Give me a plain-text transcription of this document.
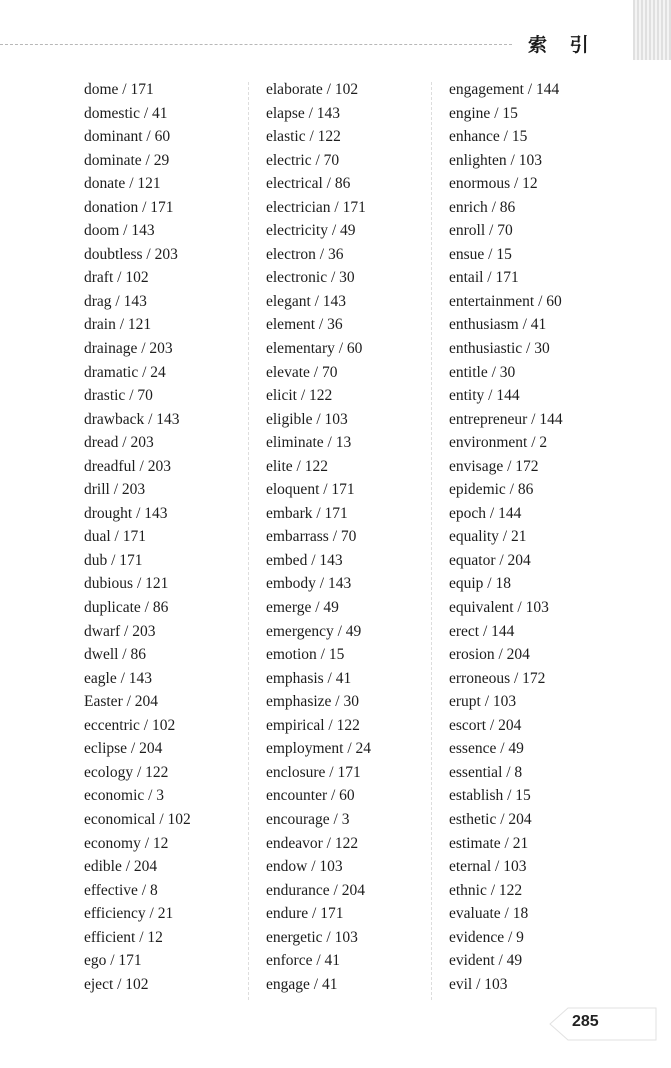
索 引
dome / 171
domestic / 41
dominant / 60
dominate / 29
donate / 121
donation / 171
doom / 143
doubtless / 203
draft / 102
drag / 143
drain / 121
drainage / 203
dramatic / 24
drastic / 70
drawback / 143
dread / 203
dreadful / 203
drill / 203
drought / 143
dual / 171
dub / 171
dubious / 121
duplicate / 86
dwarf / 203
dwell / 86
eagle / 143
Easter / 204
eccentric / 102
eclipse / 204
ecology / 122
economic / 3
economical / 102
economy / 12
edible / 204
effective / 8
efficiency / 21
efficient / 12
ego / 171
eject / 102
elaborate / 102
elapse / 143
elastic / 122
electric / 70
electrical / 86
electrician / 171
electricity / 49
electron / 36
electronic / 30
elegant / 143
element / 36
elementary / 60
elevate / 70
elicit / 122
eligible / 103
eliminate / 13
elite / 122
eloquent / 171
embark / 171
embarrass / 70
embed / 143
embody / 143
emerge / 49
emergency / 49
emotion / 15
emphasis / 41
emphasize / 30
empirical / 122
employment / 24
enclosure / 171
encounter / 60
encourage / 3
endeavor / 122
endow / 103
endurance / 204
endure / 171
energetic / 103
enforce / 41
engage / 41
engagement / 144
engine / 15
enhance / 15
enlighten / 103
enormous / 12
enrich / 86
enroll / 70
ensue / 15
entail / 171
entertainment / 60
enthusiasm / 41
enthusiastic / 30
entitle / 30
entity / 144
entrepreneur / 144
environment / 2
envisage / 172
epidemic / 86
epoch / 144
equality / 21
equator / 204
equip / 18
equivalent / 103
erect / 144
erosion / 204
erroneous / 172
erupt / 103
escort / 204
essence / 49
essential / 8
establish / 15
esthetic / 204
estimate / 21
eternal / 103
ethnic / 122
evaluate / 18
evidence / 9
evident / 49
evil / 103
285
